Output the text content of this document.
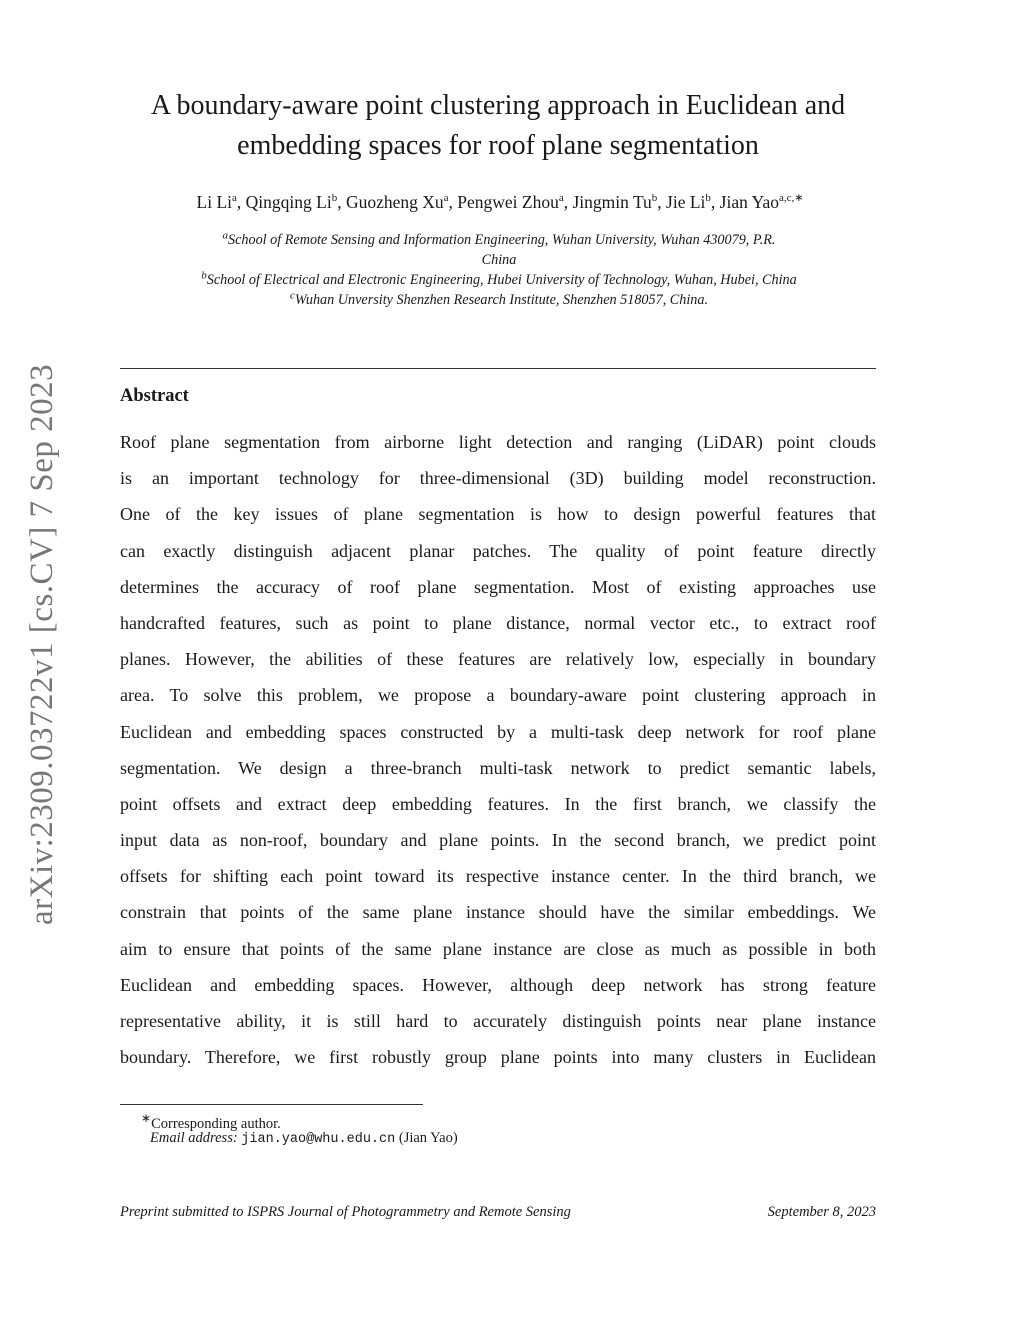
arXiv:2309.03722v1 [cs.CV] 7 Sep 2023
A boundary-aware point clustering approach in Euclidean and
embedding spaces for roof plane segmentation
Li Li$^a$, Qingqing Li$^b$, Guozheng Xu$^a$, Pengwei Zhou$^a$, Jingmin Tu$^b$, Jie Li$^b$, Jian Yao$^{a,c,∗}$
$^a$School of Remote Sensing and Information Engineering, Wuhan University, Wuhan 430079, P.R.
China
$^b$School of Electrical and Electronic Engineering, Hubei University of Technology, Wuhan, Hubei, China
$^c$Wuhan Unversity Shenzhen Research Institute, Shenzhen 518057, China.
Abstract
Roof plane segmentation from airborne light detection and ranging (LiDAR) point clouds
is an important technology for three-dimensional (3D) building model reconstruction.
One of the key issues of plane segmentation is how to design powerful features that
can exactly distinguish adjacent planar patches. The quality of point feature directly
determines the accuracy of roof plane segmentation. Most of existing approaches use
handcrafted features, such as point to plane distance, normal vector etc., to extract roof
planes. However, the abilities of these features are relatively low, especially in boundary
area. To solve this problem, we propose a boundary-aware point clustering approach in
Euclidean and embedding spaces constructed by a multi-task deep network for roof plane
segmentation. We design a three-branch multi-task network to predict semantic labels,
point offsets and extract deep embedding features. In the first branch, we classify the
input data as non-roof, boundary and plane points. In the second branch, we predict point
offsets for shifting each point toward its respective instance center. In the third branch, we
constrain that points of the same plane instance should have the similar embeddings. We
aim to ensure that points of the same plane instance are close as much as possible in both
Euclidean and embedding spaces. However, although deep network has strong feature
representative ability, it is still hard to accurately distinguish points near plane instance
boundary. Therefore, we first robustly group plane points into many clusters in Euclidean
∗Corresponding author.
Email address: jian.yao@whu.edu.cn (Jian Yao)
Preprint submitted to ISPRS Journal of Photogrammetry and Remote Sensing	September 8, 2023
